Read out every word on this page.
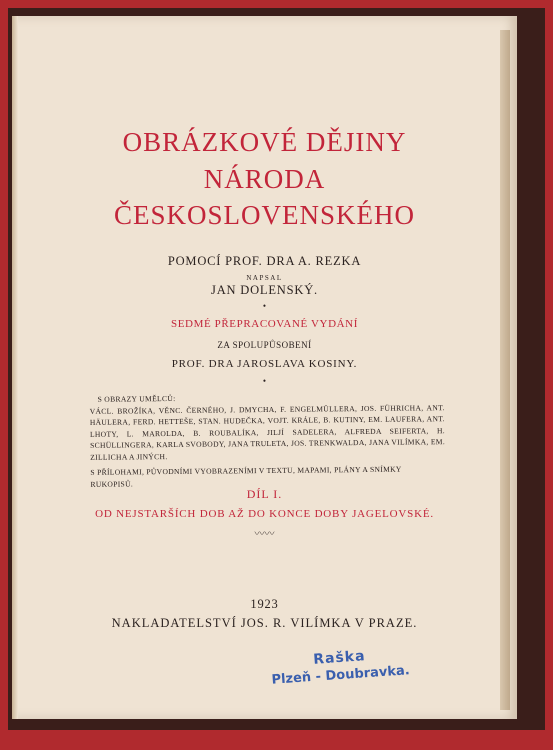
OBRÁZKOVÉ DĚJINY
NÁRODA
ČESKOSLOVENSKÉHO
POMOCÍ PROF. DRA A. REZKA
NAPSAL
JAN DOLENSKÝ.
•
SEDMÉ PŘEPRACOVANÉ VYDÁNÍ
ZA SPOLUPŮSOBENÍ
PROF. DRA JAROSLAVA KOSINY.
•
S OBRAZY UMĚLCŮ:
VÁCL. BROŽÍKA, VĚNC. ČERNÉHO, J. DMYCHA, F. ENGELMÜLLERA, JOS. FÜHRICHA, ANT. HÄULERA, FERD. HETTEŠE, STAN. HUDEČKA, VOJT. KRÁLE, B. KUTINY, EM. LAUFERA, ANT. LHOTY, L. MAROLDA, B. ROUBALÍKA, JILJÍ SADELERA, ALFREDA SEIFERTA, H. SCHÜLLINGERA, KARLA SVOBODY, JANA TRULETA, JOS. TRENKWALDA, JANA VILÍMKA, EM. ZILLICHA A JINÝCH.
S PŘÍLOHAMI, PŮVODNÍMI VYOBRAZENÍMI V TEXTU, MAPAMI, PLÁNY A SNÍMKY RUKOPISŮ.
DÍL I.
OD NEJSTARŠÍCH DOB AŽ DO KONCE DOBY JAGELOVSKÉ.
〰〰
1923
NAKLADATELSTVÍ JOS. R. VILÍMKA V PRAZE.
Raška
Plzeň - Doubravka.
